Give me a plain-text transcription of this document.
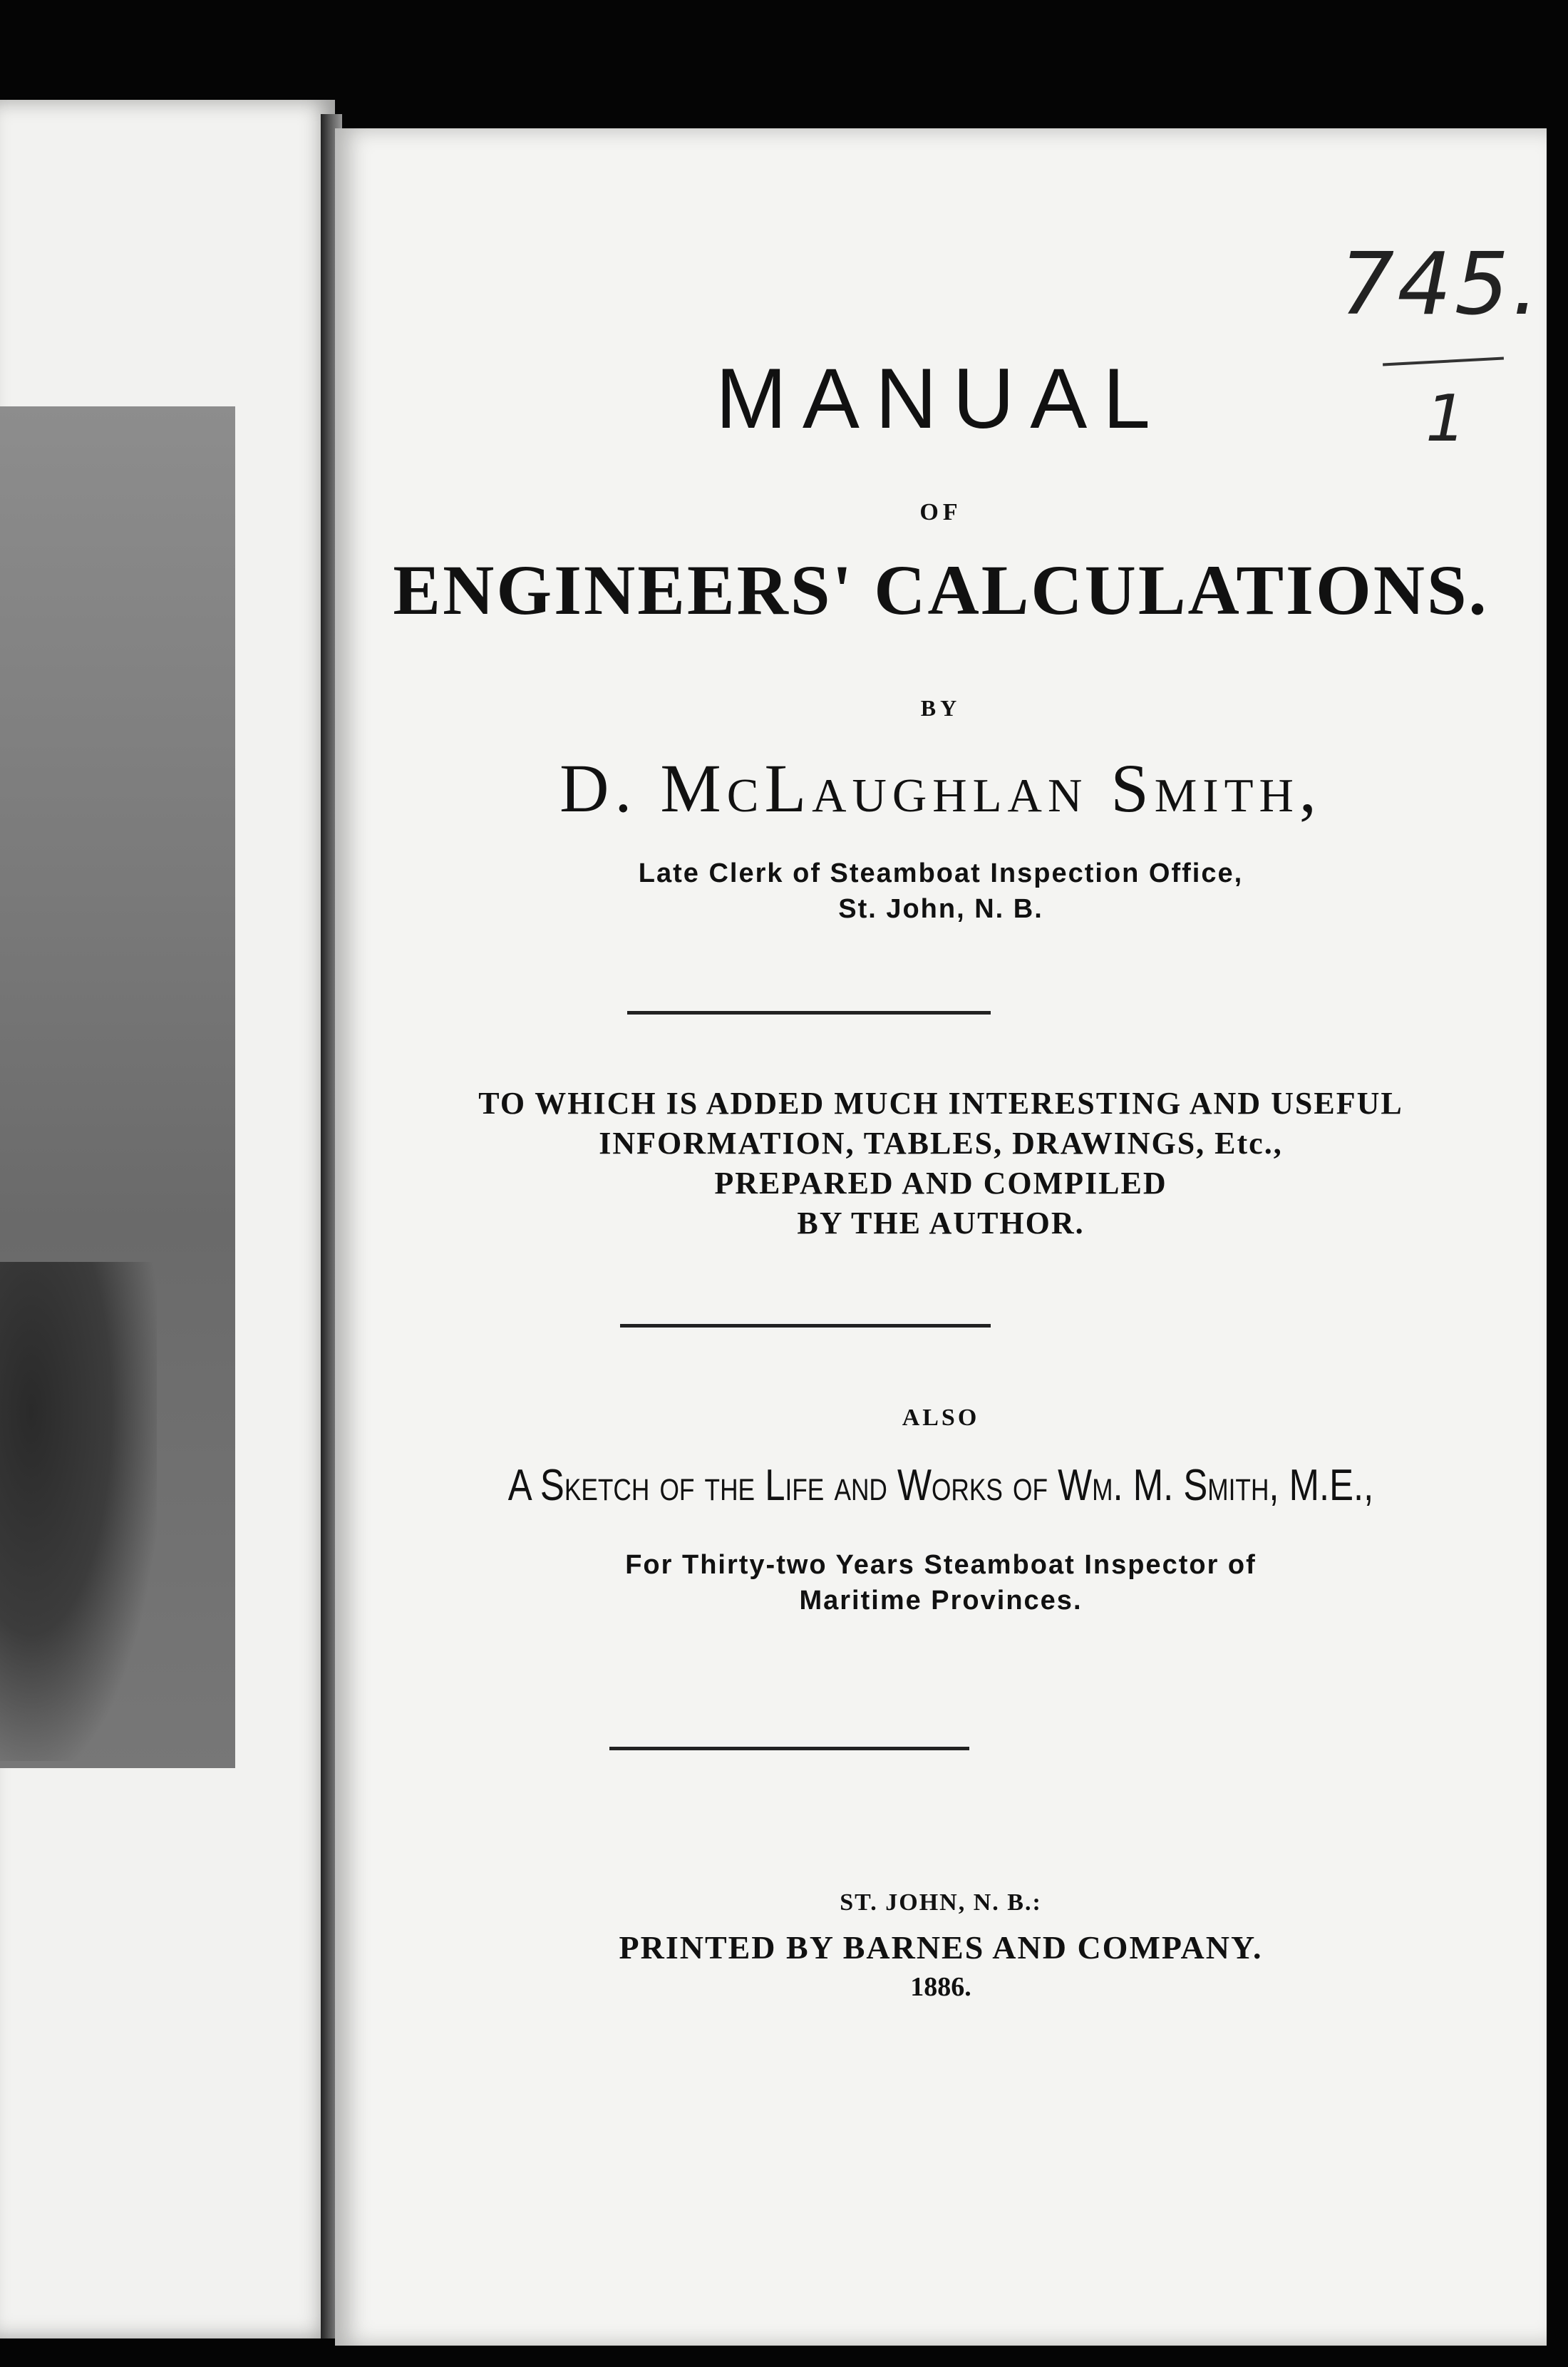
745.
1
MANUAL
OF
ENGINEERS' CALCULATIONS.
BY
D. McLaughlan Smith,
Late Clerk of Steamboat Inspection Office,
St. John, N. B.
TO WHICH IS ADDED MUCH INTERESTING AND USEFUL
INFORMATION, TABLES, DRAWINGS, Etc.,
PREPARED AND COMPILED
BY THE AUTHOR.
ALSO
A Sketch of the Life and Works of Wm. M. Smith, M.E.,
For Thirty-two Years Steamboat Inspector of
Maritime Provinces.
ST. JOHN, N. B.:
PRINTED BY BARNES AND COMPANY.
1886.
